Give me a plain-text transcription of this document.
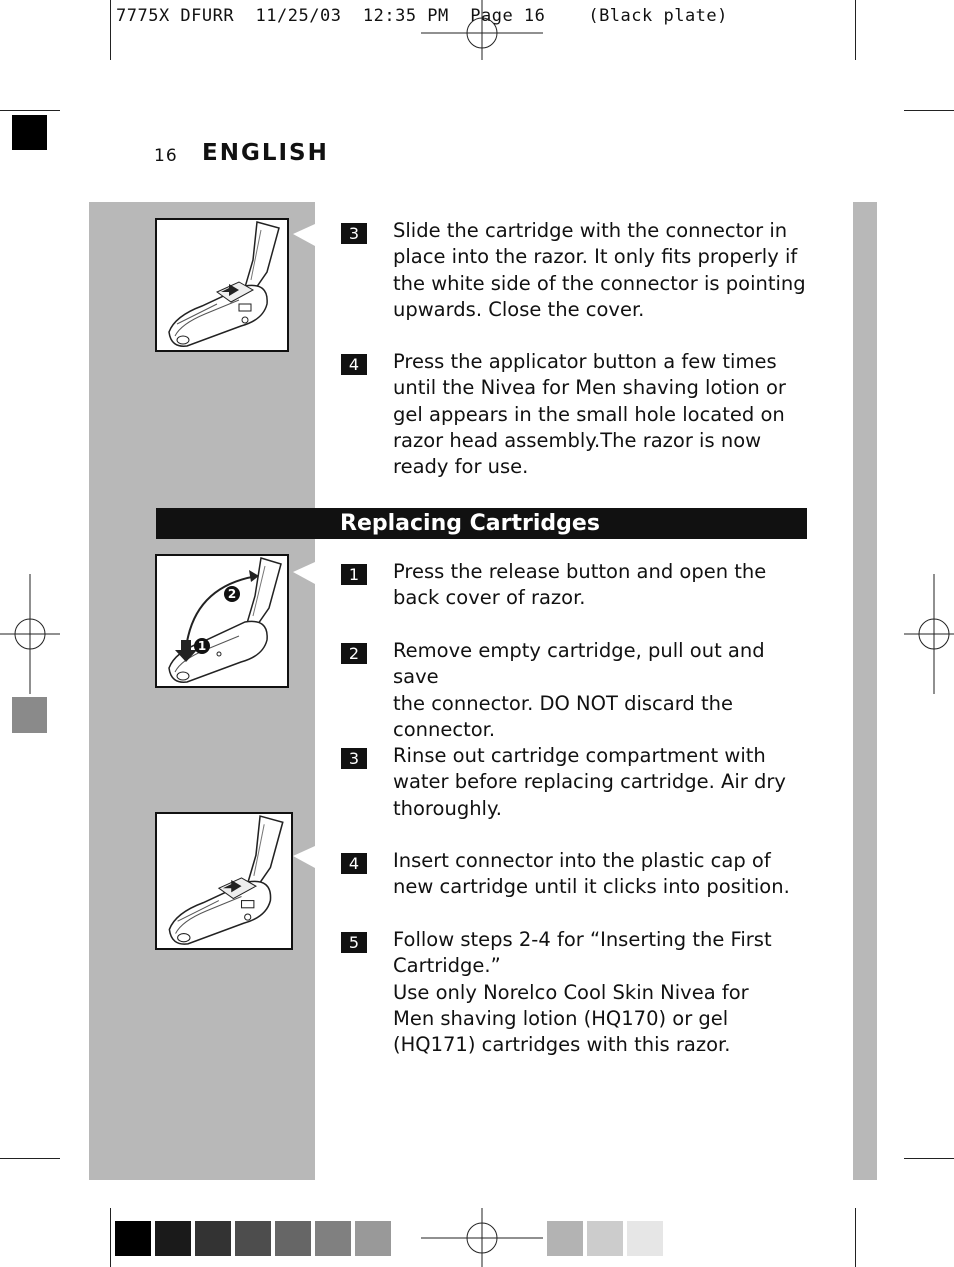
7775X DFURR  11/25/03  12:35 PM  Page 16    (Black plate)
16 ENGLISH
3	Slide the cartridge with the connector in
place into the razor. It only fits properly if
the white side of the connector is pointing
upwards. Close the cover.
4	Press the applicator button a few times
until the Nivea for Men shaving lotion or
gel appears in the small hole located on
razor head assembly.The razor is now
ready for use.
Replacing Cartridges
1
2
1	Press the release button and open the
back cover of razor.
2	Remove empty cartridge, pull out and save
the connector. DO NOT discard the
connector.
3	Rinse out cartridge compartment with
water before replacing cartridge. Air dry
thoroughly.
4	Insert connector into the plastic cap of
new cartridge until it clicks into position.
5	Follow steps 2-4 for “Inserting the First
Cartridge.”
Use only Norelco Cool Skin Nivea for
Men shaving lotion (HQ170) or gel
(HQ171) cartridges with this razor.
